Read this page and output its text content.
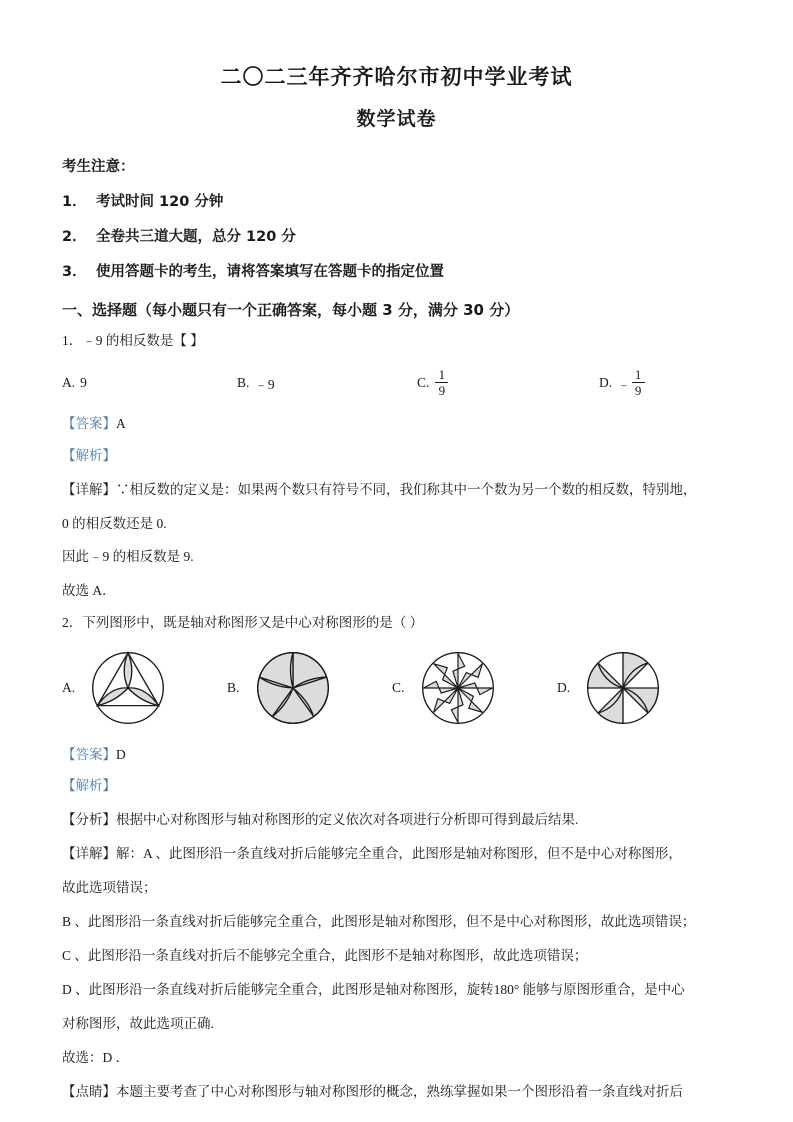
二〇二三年齐齐哈尔市初中学业考试
数学试卷
考生注意：
1． 考试时间 120 分钟
2． 全卷共三道大题，总分 120 分
3． 使用答题卡的考生，请将答案填写在答题卡的指定位置
一、选择题（每小题只有一个正确答案，每小题 3 分，满分 30 分）
1．﹣9 的相反数是【 】
A. 9	B. ﹣9	C. $\frac{1}{9}$	D. ﹣ $\frac{1}{9}$
【答案】A
【解析】
【详解】∵相反数的定义是：如果两个数只有符号不同，我们称其中一个数为另一个数的相反数，特别地，
0 的相反数还是 0.
因此﹣9 的相反数是 9.
故选 A．
2．下列图形中，既是轴对称图形又是中心对称图形的是（ ）
A.	B.	C.	D.
【答案】D
【解析】
【分析】根据中心对称图形与轴对称图形的定义依次对各项进行分析即可得到最后结果.
【详解】解：A 、此图形沿一条直线对折后能够完全重合，此图形是轴对称图形，但不是中心对称图形，
故此选项错误；
B 、此图形沿一条直线对折后能够完全重合，此图形是轴对称图形，但不是中心对称图形，故此选项错误；
C 、此图形沿一条直线对折后不能够完全重合，此图形不是轴对称图形，故此选项错误；
D 、此图形沿一条直线对折后能够完全重合，此图形是轴对称图形，旋转180° 能够与原图形重合，是中心
对称图形，故此选项正确.
故选：D ．
【点睛】本题主要考查了中心对称图形与轴对称图形的概念，熟练掌握如果一个图形沿着一条直线对折后
